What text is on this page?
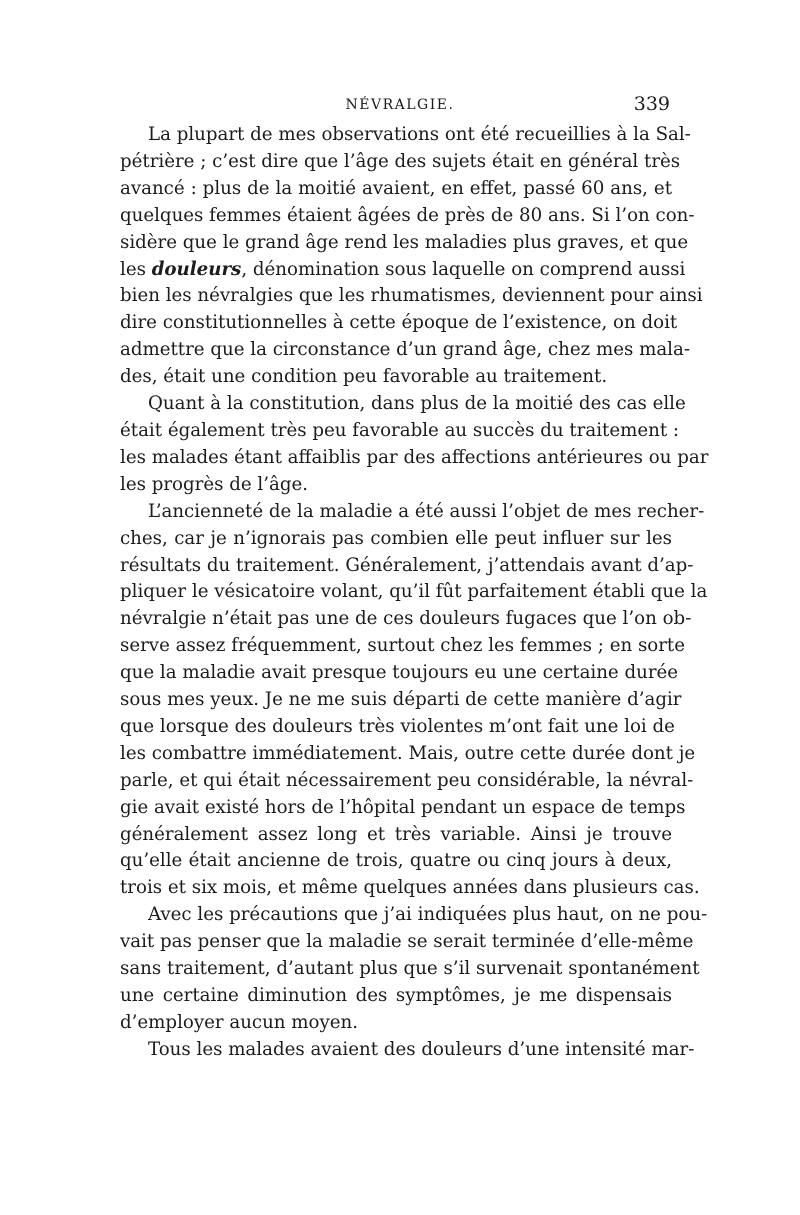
NÉVRALGIE.	339

La plupart de mes observations ont été recueillies à la Sal-
pétrière ; c’est dire que l’âge des sujets était en général très
avancé : plus de la moitié avaient, en effet, passé 60 ans, et
quelques femmes étaient âgées de près de 80 ans. Si l’on con-
sidère que le grand âge rend les maladies plus graves, et que
les douleurs, dénomination sous laquelle on comprend aussi
bien les névralgies que les rhumatismes, deviennent pour ainsi
dire constitutionnelles à cette époque de l’existence, on doit
admettre que la circonstance d’un grand âge, chez mes mala-
des, était une condition peu favorable au traitement.

Quant à la constitution, dans plus de la moitié des cas elle
était également très peu favorable au succès du traitement :
les malades étant affaiblis par des affections antérieures ou par
les progrès de l’âge.

L’ancienneté de la maladie a été aussi l’objet de mes recher-
ches, car je n’ignorais pas combien elle peut influer sur les
résultats du traitement. Généralement, j’attendais avant d’ap-
pliquer le vésicatoire volant, qu’il fût parfaitement établi que la
névralgie n’était pas une de ces douleurs fugaces que l’on ob-
serve assez fréquemment, surtout chez les femmes ; en sorte
que la maladie avait presque toujours eu une certaine durée
sous mes yeux. Je ne me suis départi de cette manière d’agir
que lorsque des douleurs très violentes m’ont fait une loi de
les combattre immédiatement. Mais, outre cette durée dont je
parle, et qui était nécessairement peu considérable, la névral-
gie avait existé hors de l’hôpital pendant un espace de temps
généralement assez long et très variable. Ainsi je trouve
qu’elle était ancienne de trois, quatre ou cinq jours à deux,
trois et six mois, et même quelques années dans plusieurs cas.

Avec les précautions que j’ai indiquées plus haut, on ne pou-
vait pas penser que la maladie se serait terminée d’elle-même
sans traitement, d’autant plus que s’il survenait spontanément
une certaine diminution des symptômes, je me dispensais
d’employer aucun moyen.

Tous les malades avaient des douleurs d’une intensité mar-
